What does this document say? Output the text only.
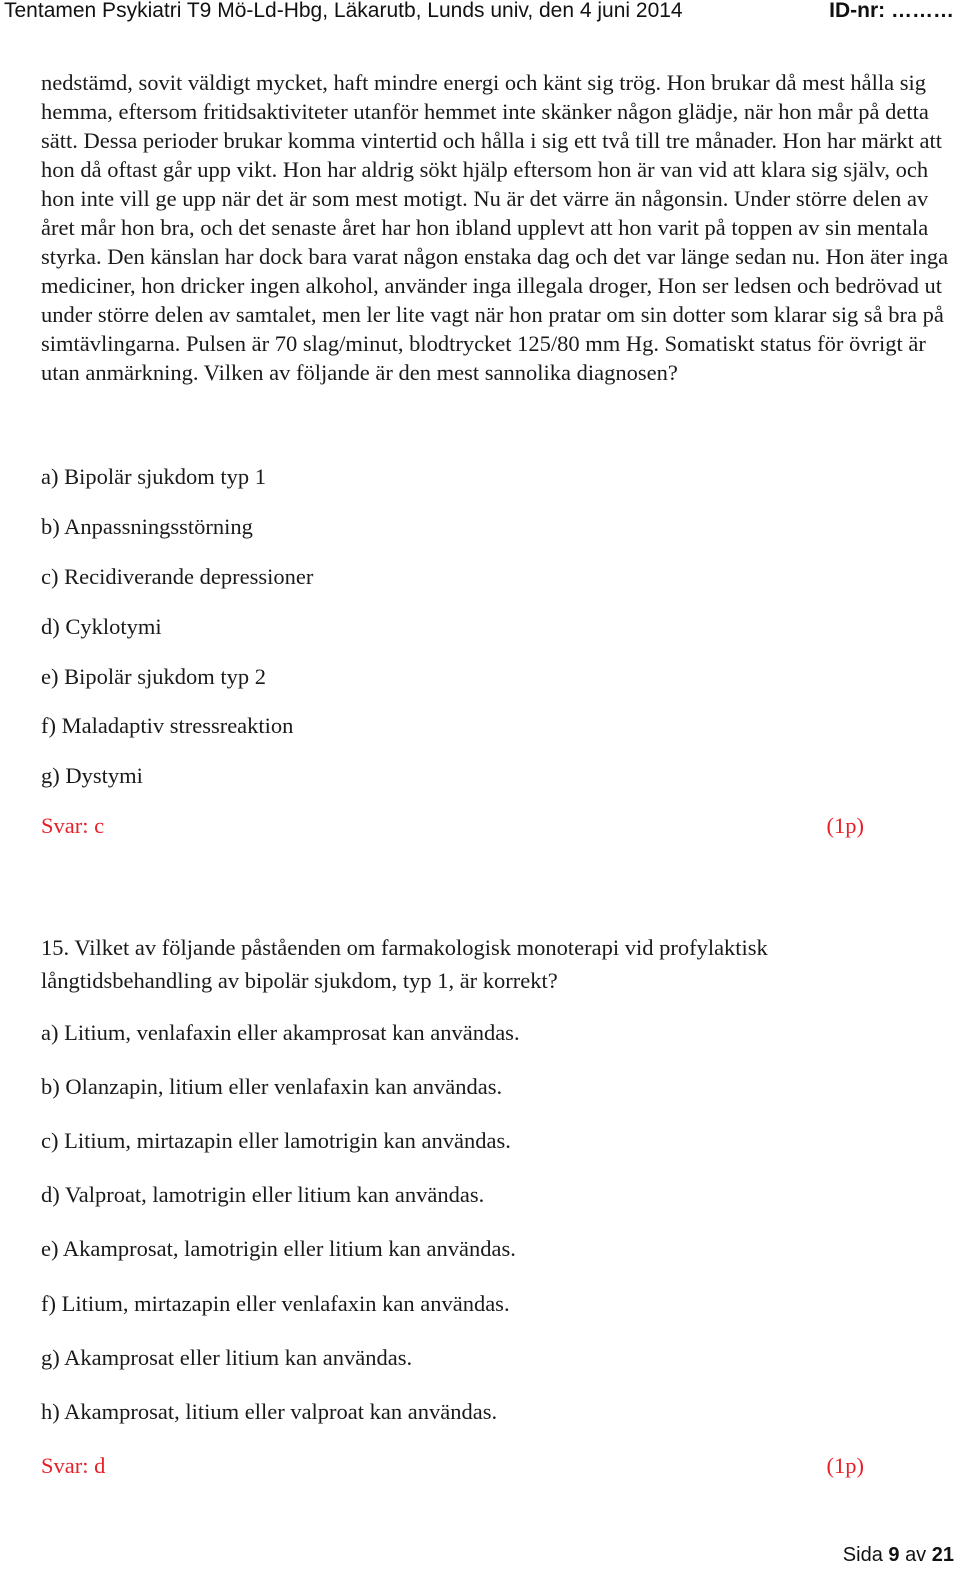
Tentamen Psykiatri T9 Mö-Ld-Hbg, Läkarutb, Lunds univ, den 4 juni 2014	ID-nr: ………

nedstämd, sovit väldigt mycket, haft mindre energi och känt sig trög. Hon brukar då mest hålla sig hemma, eftersom fritidsaktiviteter utanför hemmet inte skänker någon glädje, när hon mår på detta sätt. Dessa perioder brukar komma vintertid och hålla i sig ett två till tre månader. Hon har märkt att hon då oftast går upp vikt. Hon har aldrig sökt hjälp eftersom hon är van vid att klara sig själv, och hon inte vill ge upp när det är som mest motigt. Nu är det värre än någonsin. Under större delen av året mår hon bra, och det senaste året har hon ibland upplevt att hon varit på toppen av sin mentala styrka. Den känslan har dock bara varat någon enstaka dag och det var länge sedan nu. Hon äter inga mediciner, hon dricker ingen alkohol, använder inga illegala droger, Hon ser ledsen och bedrövad ut under större delen av samtalet, men ler lite vagt när hon pratar om sin dotter som klarar sig så bra på simtävlingarna. Pulsen är 70 slag/minut, blodtrycket 125/80 mm Hg. Somatiskt status för övrigt är utan anmärkning. Vilken av följande är den mest sannolika diagnosen?

a) Bipolär sjukdom typ 1

b) Anpassningsstörning

c) Recidiverande depressioner

d) Cyklotymi

e) Bipolär sjukdom typ 2

f) Maladaptiv stressreaktion

g) Dystymi

Svar: c	(1p)

15. Vilket av följande påståenden om farmakologisk monoterapi vid profylaktisk långtidsbehandling av bipolär sjukdom, typ 1, är korrekt?

a) Litium, venlafaxin eller akamprosat kan användas.

b) Olanzapin, litium eller venlafaxin kan användas.

c) Litium, mirtazapin eller lamotrigin kan användas.

d) Valproat, lamotrigin eller litium kan användas.

e) Akamprosat, lamotrigin eller litium kan användas.

f) Litium, mirtazapin eller venlafaxin kan användas.

g) Akamprosat eller litium kan användas.

h) Akamprosat, litium eller valproat kan användas.

Svar: d	(1p)
Sida 9 av 21
